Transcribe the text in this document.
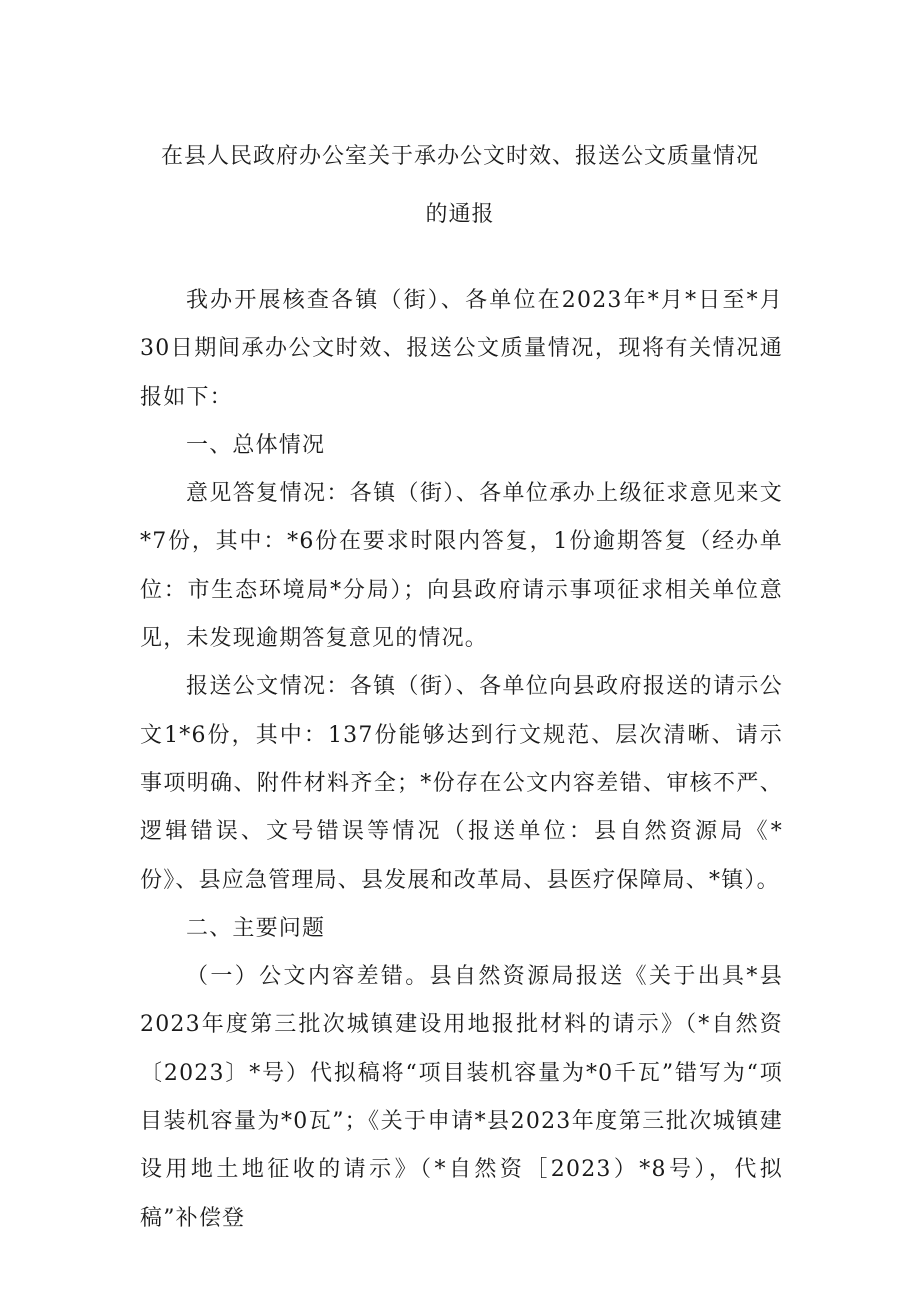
在县人民政府办公室关于承办公文时效、报送公文质量情况
的通报

我办开展核查各镇（街）、各单位在2023年*月*日至*月30日期间承办公文时效、报送公文质量情况，现将有关情况通报如下：

一、总体情况

意见答复情况：各镇（街）、各单位承办上级征求意见来文*7份，其中：*6份在要求时限内答复，1份逾期答复（经办单位：市生态环境局*分局）；向县政府请示事项征求相关单位意见，未发现逾期答复意见的情况。

报送公文情况：各镇（街）、各单位向县政府报送的请示公文1*6份，其中：137份能够达到行文规范、层次清晰、请示事项明确、附件材料齐全；*份存在公文内容差错、审核不严、逻辑错误、文号错误等情况（报送单位：县自然资源局《*份》、县应急管理局、县发展和改革局、县医疗保障局、*镇）。

二、主要问题

（一）公文内容差错。县自然资源局报送《关于出具*县2023年度第三批次城镇建设用地报批材料的请示》（*自然资〔2023〕*号）代拟稿将“项目装机容量为*0千瓦”错写为“项目装机容量为*0瓦”；《关于申请*县2023年度第三批次城镇建设用地土地征收的请示》（*自然资［2023）*8号），代拟稿”补偿登
